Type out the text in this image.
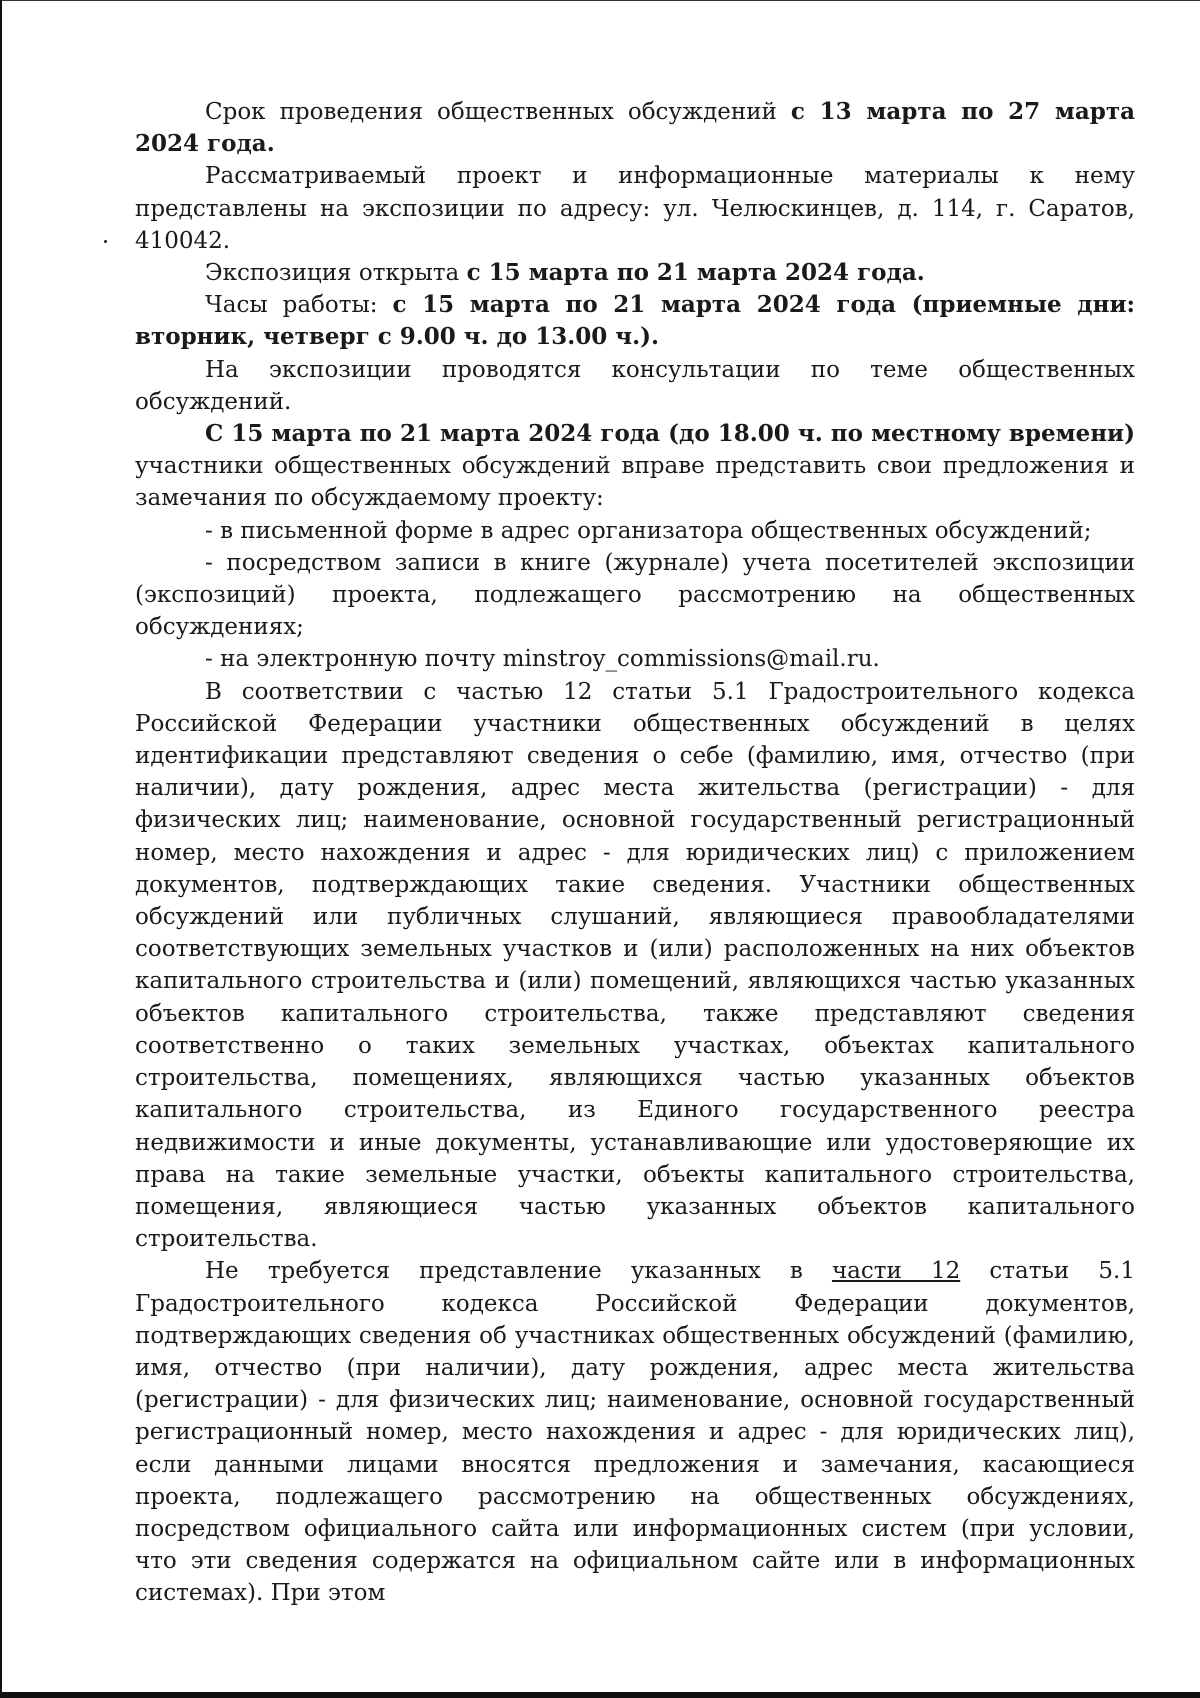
Срок проведения общественных обсуждений с 13 марта по 27 марта 2024 года.

Рассматриваемый проект и информационные материалы к нему представлены на экспозиции по адресу: ул. Челюскинцев, д. 114, г. Саратов, 410042.

Экспозиция открыта с 15 марта по 21 марта 2024 года.

Часы работы: с 15 марта по 21 марта 2024 года (приемные дни: вторник, четверг с 9.00 ч. до 13.00 ч.).

На экспозиции проводятся консультации по теме общественных обсуждений.

С 15 марта по 21 марта 2024 года (до 18.00 ч. по местному времени) участники общественных обсуждений вправе представить свои предложения и замечания по обсуждаемому проекту:

- в письменной форме в адрес организатора общественных обсуждений;

- посредством записи в книге (журнале) учета посетителей экспозиции (экспозиций) проекта, подлежащего рассмотрению на общественных обсуждениях;

- на электронную почту minstroy_commissions@mail.ru.

В соответствии с частью 12 статьи 5.1 Градостроительного кодекса Российской Федерации участники общественных обсуждений в целях идентификации представляют сведения о себе (фамилию, имя, отчество (при наличии), дату рождения, адрес места жительства (регистрации) - для физических лиц; наименование, основной государственный регистрационный номер, место нахождения и адрес - для юридических лиц) с приложением документов, подтверждающих такие сведения. Участники общественных обсуждений или публичных слушаний, являющиеся правообладателями соответствующих земельных участков и (или) расположенных на них объектов капитального строительства и (или) помещений, являющихся частью указанных объектов капитального строительства, также представляют сведения соответственно о таких земельных участках, объектах капитального строительства, помещениях, являющихся частью указанных объектов капитального строительства, из Единого государственного реестра недвижимости и иные документы, устанавливающие или удостоверяющие их права на такие земельные участки, объекты капитального строительства, помещения, являющиеся частью указанных объектов капитального строительства.

Не требуется представление указанных в части 12 статьи 5.1 Градостроительного кодекса Российской Федерации документов, подтверждающих сведения об участниках общественных обсуждений (фамилию, имя, отчество (при наличии), дату рождения, адрес места жительства (регистрации) - для физических лиц; наименование, основной государственный регистрационный номер, место нахождения и адрес - для юридических лиц), если данными лицами вносятся предложения и замечания, касающиеся проекта, подлежащего рассмотрению на общественных обсуждениях, посредством официального сайта или информационных систем (при условии, что эти сведения содержатся на официальном сайте или в информационных системах). При этом
